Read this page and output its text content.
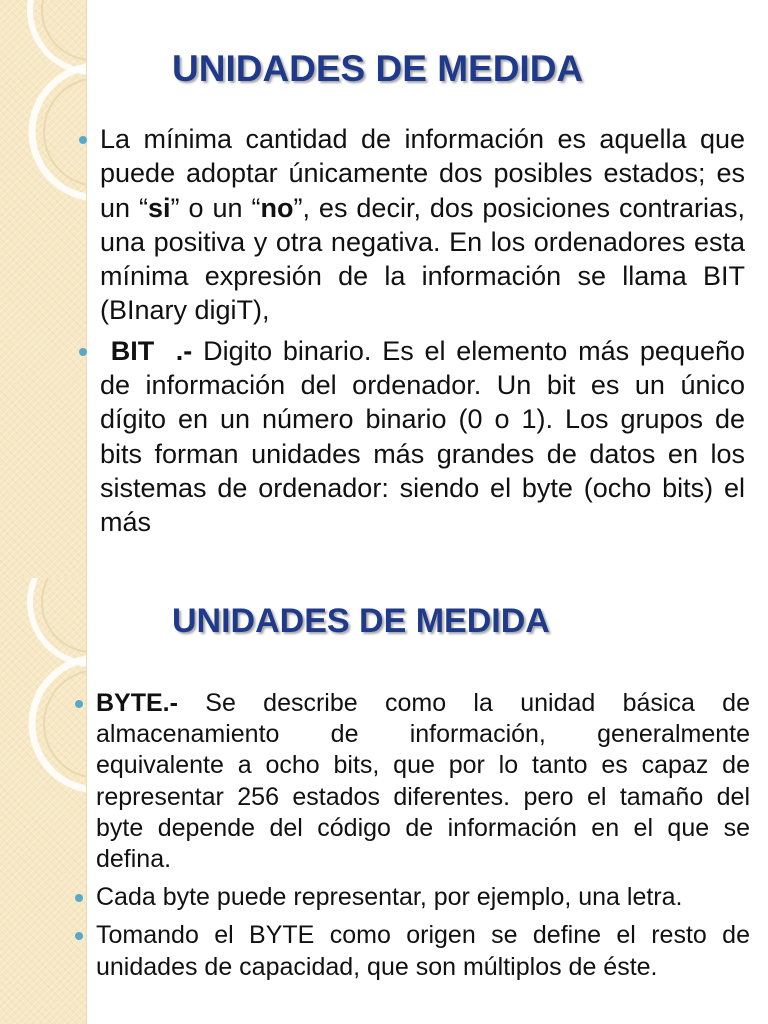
UNIDADES DE MEDIDA
La mínima cantidad de información es aquella que puede adoptar únicamente dos posibles estados; es un “si” o un “no”, es decir, dos posiciones contrarias, una positiva y otra negativa. En los ordenadores esta mínima expresión de la información se llama BIT (BInary digiT),
BIT  .- Digito binario. Es el elemento más pequeño de información del ordenador. Un bit es un único dígito en un número binario (0 o 1). Los grupos de bits forman unidades más grandes de datos en los sistemas de ordenador: siendo el byte (ocho bits) el más
UNIDADES DE MEDIDA
BYTE.- Se describe como la unidad básica de almacenamiento de información, generalmente equivalente a ocho bits, que por lo tanto es capaz de representar 256 estados diferentes. pero el tamaño del byte depende del código de información en el que se defina.
Cada byte puede representar, por ejemplo, una letra.
Tomando el BYTE como origen se define el resto de unidades de capacidad, que son múltiplos de éste.
